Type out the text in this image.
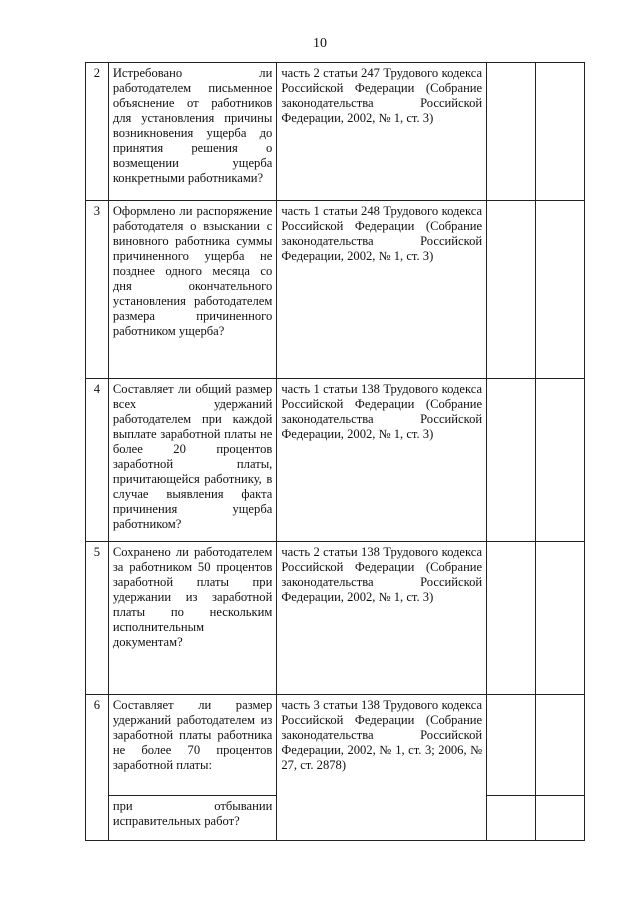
10
2	Истребовано ли работодателем письменное объяснение от работников для установления причины возникновения ущерба до принятия решения о возмещении ущерба конкретными работниками?	часть 2 статьи 247 Трудового кодекса Российской Федерации (Собрание законодательства Российской Федерации, 2002, № 1, ст. 3)		
3	Оформлено ли распоряжение работодателя о взыскании с виновного работника суммы причиненного ущерба не позднее одного месяца со дня окончательного установления работодателем размера причиненного работником ущерба?	часть 1 статьи 248 Трудового кодекса Российской Федерации (Собрание законодательства Российской Федерации, 2002, № 1, ст. 3)		
4	Составляет ли общий размер всех удержаний работодателем при каждой выплате заработной платы не более 20 процентов заработной платы, причитающейся работнику, в случае выявления факта причинения ущерба работником?	часть 1 статьи 138 Трудового кодекса Российской Федерации (Собрание законодательства Российской Федерации, 2002, № 1, ст. 3)		
5	Сохранено ли работодателем за работником 50 процентов заработной платы при удержании из заработной платы по нескольким исполнительным документам?	часть 2 статьи 138 Трудового кодекса Российской Федерации (Собрание законодательства Российской Федерации, 2002, № 1, ст. 3)		
6	Составляет ли размер удержаний работодателем из заработной платы работника не более 70 процентов заработной платы:	часть 3 статьи 138 Трудового кодекса Российской Федерации (Собрание законодательства Российской Федерации, 2002, № 1, ст. 3; 2006, № 27, ст. 2878)		
	при отбывании исправительных работ?			
